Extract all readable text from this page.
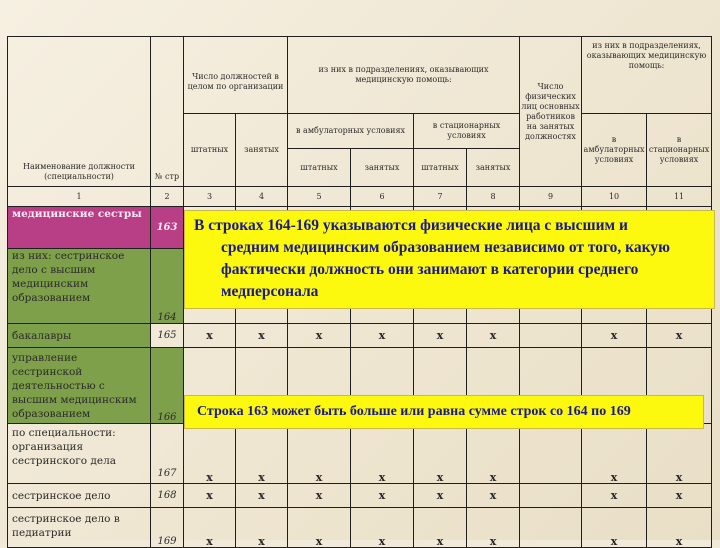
Наименование должности (специальности)	№ стр	Число должностей в целом по организации		из них в подразделениях, оказывающих медицинскую помощь:				Число физических лиц основных работников на занятых должностях	из них в подразделениях, оказывающих медицинскую помощь:	
		штатных	занятых	в амбулаторных условиях		в стационарных условиях			в амбулаторных условиях	в стационарных условиях
				штатных	занятых	штатных	занятых			
1	2	3	4	5	6	7	8	9	10	11
медицинские сестры	163									
из них: сестринское дело с высшим медицинским образованием	164									
бакалавры	165	x	x	x	x	x	x		x	x
управление сестринской деятельностью с высшим медицинским образованием	166									
по специальности: организация сестринского дела	167	x	x	x	x	x	x		x	x
сестринское дело	168	x	x	x	x	x	x		x	x
сестринское дело в педиатрии	169	x	x	x	x	x	x		x	x
В строках 164-169 указываются физические лица с высшим и
средним медицинским образованием независимо от того, какую
фактически должность они занимают в категории среднего
медперсонала
Строка 163 может быть больше или равна сумме строк со 164 по 169
